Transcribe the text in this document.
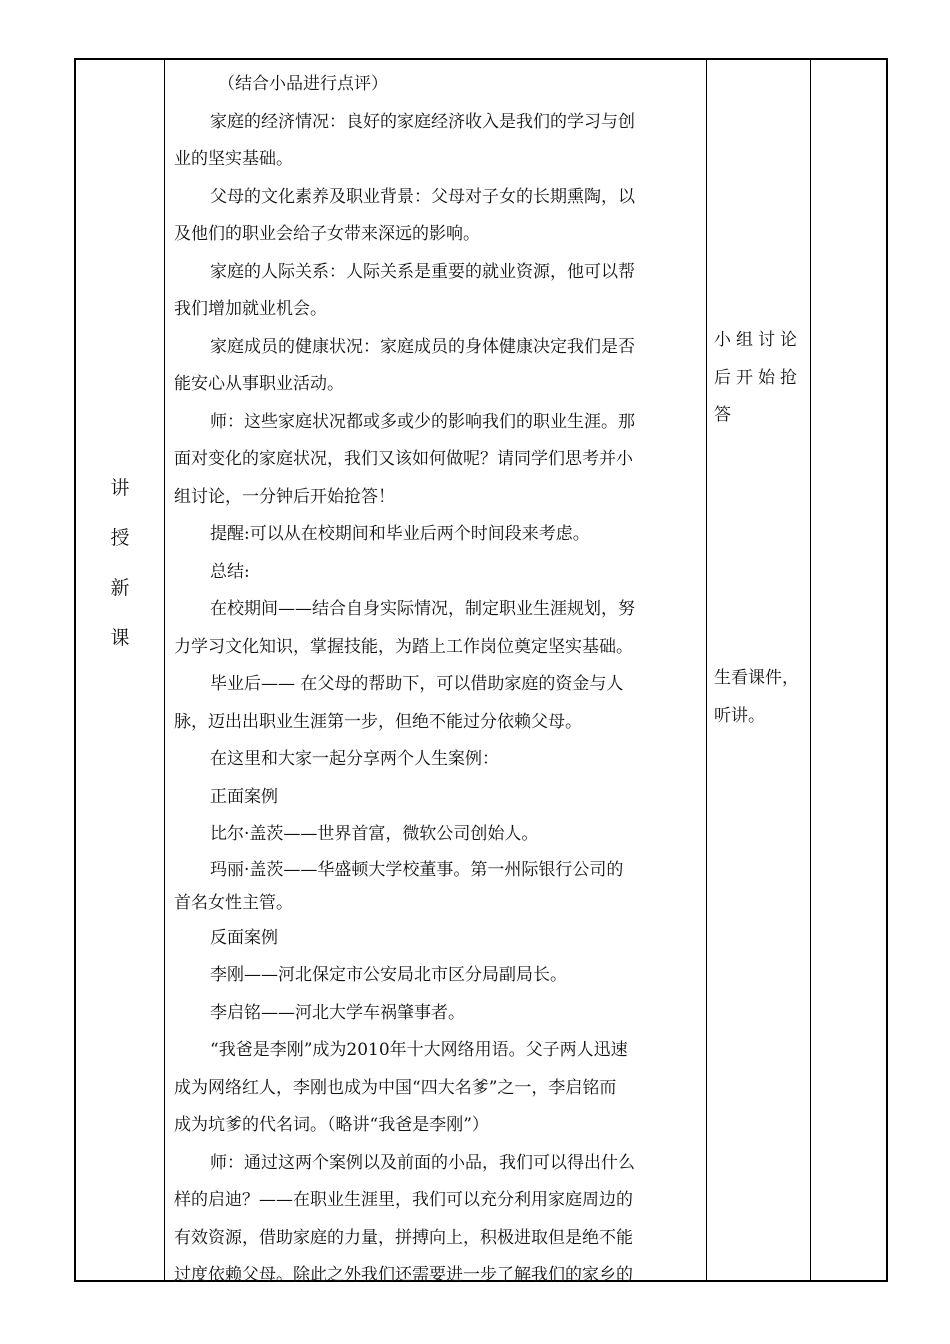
讲
授
新
课

（结合小品进行点评）

家庭的经济情况：良好的家庭经济收入是我们的学习与创

业的坚实基础。

父母的文化素养及职业背景：父母对子女的长期熏陶，以

及他们的职业会给子女带来深远的影响。

家庭的人际关系：人际关系是重要的就业资源，他可以帮

我们增加就业机会。

家庭成员的健康状况：家庭成员的身体健康决定我们是否

能安心从事职业活动。

师：这些家庭状况都或多或少的影响我们的职业生涯。那

面对变化的家庭状况，我们又该如何做呢？请同学们思考并小

组讨论，一分钟后开始抢答！

提醒:可以从在校期间和毕业后两个时间段来考虑。

总结:

在校期间——结合自身实际情况，制定职业生涯规划，努

力学习文化知识，掌握技能，为踏上工作岗位奠定坚实基础。

毕业后—— 在父母的帮助下，可以借助家庭的资金与人

脉，迈出出职业生涯第一步，但绝不能过分依赖父母。

在这里和大家一起分享两个人生案例：

正面案例

比尔·盖茨——世界首富，微软公司创始人。

玛丽·盖茨——华盛顿大学校董事。第一州际银行公司的

首名女性主管。

反面案例

李刚——河北保定市公安局北市区分局副局长。

李启铭——河北大学车祸肇事者。

“我爸是李刚”成为2010年十大网络用语。父子两人迅速

成为网络红人，李刚也成为中国“四大名爹”之一，李启铭而

成为坑爹的代名词。（略讲“我爸是李刚”）

师：通过这两个案例以及前面的小品，我们可以得出什么

样的启迪？——在职业生涯里，我们可以充分利用家庭周边的

有效资源，借助家庭的力量，拼搏向上，积极进取但是绝不能

过度依赖父母。除此之外我们还需要进一步了解我们的家乡的

小组讨论
后开始抢
答
生看课件，
听讲。
